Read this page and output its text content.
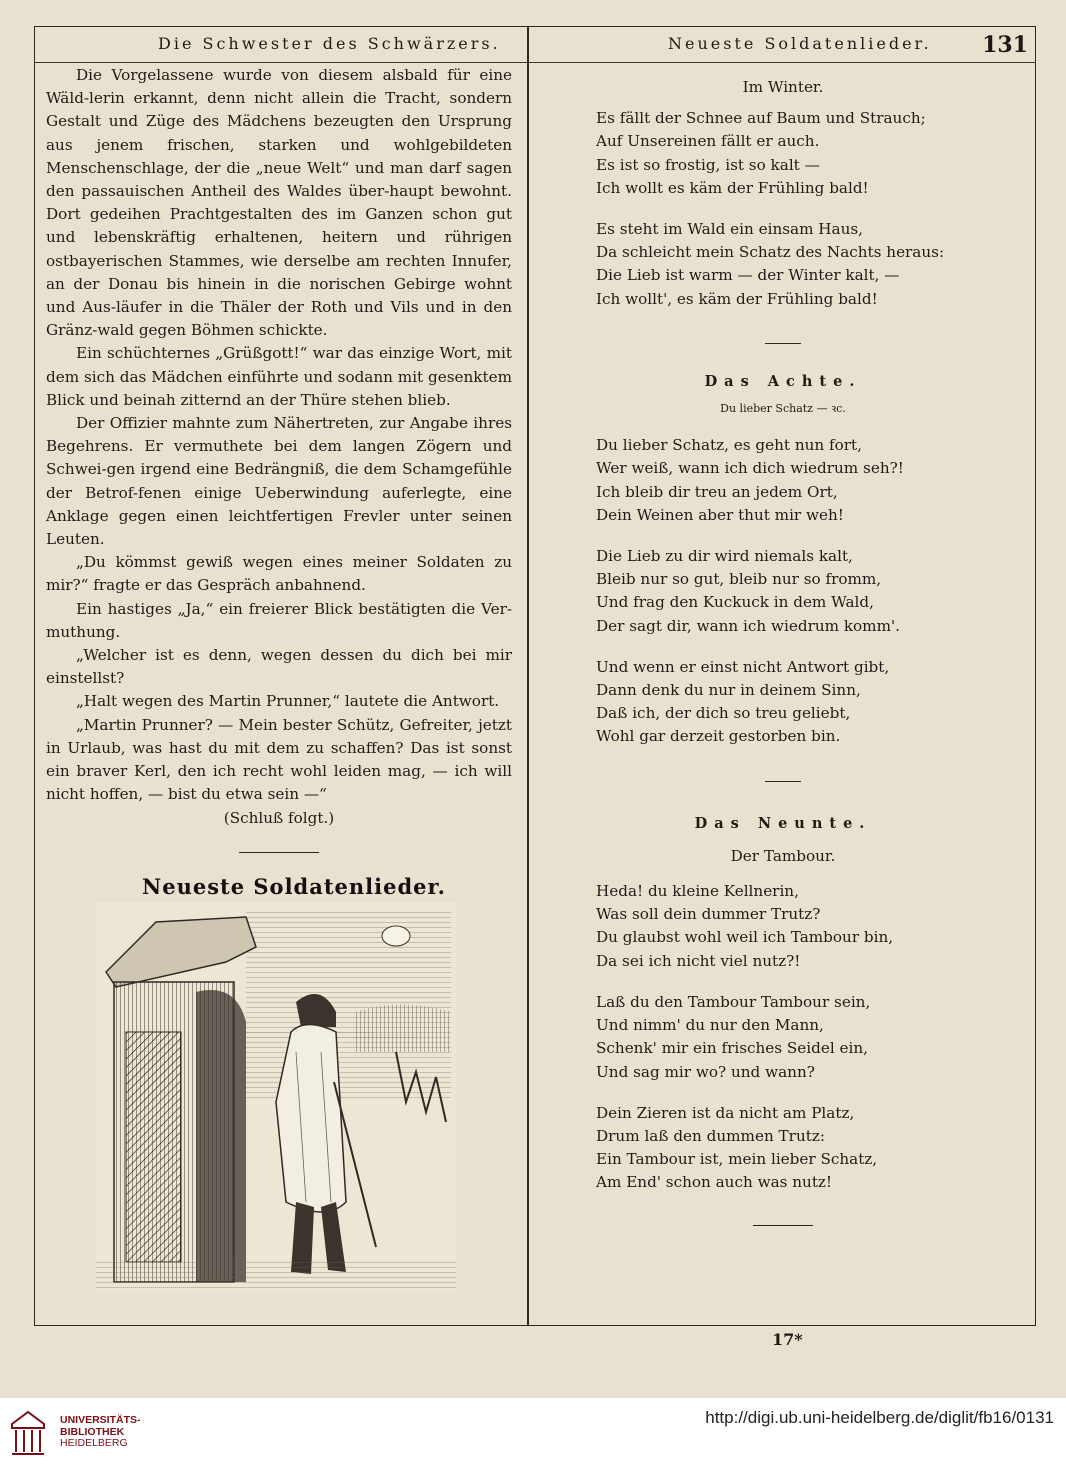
Die Schwester des Schwärzers.	Neueste Soldatenlieder. 131

Die Vorgelassene wurde von diesem alsbald für eine Wäld-lerin erkannt, denn nicht allein die Tracht, sondern Gestalt und Züge des Mädchens bezeugten den Ursprung aus jenem frischen, starken und wohlgebildeten Menschenschlage, der die „neue Welt“ und man darf sagen den passauischen Antheil des Waldes über-haupt bewohnt. Dort gedeihen Prachtgestalten des im Ganzen schon gut und lebenskräftig erhaltenen, heitern und rührigen ostbayerischen Stammes, wie derselbe am rechten Innufer, an der Donau bis hinein in die norischen Gebirge wohnt und Aus-läufer in die Thäler der Roth und Vils und in den Gränz-wald gegen Böhmen schickte.

Ein schüchternes „Grüßgott!“ war das einzige Wort, mit dem sich das Mädchen einführte und sodann mit gesenktem Blick und beinah zitternd an der Thüre stehen blieb.

Der Offizier mahnte zum Nähertreten, zur Angabe ihres Begehrens. Er vermuthete bei dem langen Zögern und Schwei-gen irgend eine Bedrängniß, die dem Schamgefühle der Betrof-fenen einige Ueberwindung auferlegte, eine Anklage gegen einen leichtfertigen Frevler unter seinen Leuten.

„Du kömmst gewiß wegen eines meiner Soldaten zu mir?“ fragte er das Gespräch anbahnend.

Ein hastiges „Ja,“ ein freierer Blick bestätigten die Ver-muthung.

„Welcher ist es denn, wegen dessen du dich bei mir einstellst?

„Halt wegen des Martin Prunner,“ lautete die Antwort.

„Martin Prunner? — Mein bester Schütz, Gefreiter, jetzt in Urlaub, was hast du mit dem zu schaffen? Das ist sonst ein braver Kerl, den ich recht wohl leiden mag, — ich will nicht hoffen, — bist du etwa sein —“

(Schluß folgt.)

Neueste Soldatenlieder.

Im Winter.

Es fällt der Schnee auf Baum und Strauch;
Auf Unsereinen fällt er auch.
Es ist so frostig, ist so kalt —
Ich wollt es käm der Frühling bald!
Es steht im Wald ein einsam Haus,
Da schleicht mein Schatz des Nachts heraus:
Die Lieb ist warm — der Winter kalt, —
Ich wollt', es käm der Frühling bald!

Das Achte.

Du lieber Schatz — ꝛc.

Du lieber Schatz, es geht nun fort,
Wer weiß, wann ich dich wiedrum seh?!
Ich bleib dir treu an jedem Ort,
Dein Weinen aber thut mir weh!
Die Lieb zu dir wird niemals kalt,
Bleib nur so gut, bleib nur so fromm,
Und frag den Kuckuck in dem Wald,
Der sagt dir, wann ich wiedrum komm'.
Und wenn er einst nicht Antwort gibt,
Dann denk du nur in deinem Sinn,
Daß ich, der dich so treu geliebt,
Wohl gar derzeit gestorben bin.

Das Neunte.

Der Tambour.

Heda! du kleine Kellnerin,
Was soll dein dummer Trutz?
Du glaubst wohl weil ich Tambour bin,
Da sei ich nicht viel nutz?!
Laß du den Tambour Tambour sein,
Und nimm' du nur den Mann,
Schenk' mir ein frisches Seidel ein,
Und sag mir wo? und wann?
Dein Zieren ist da nicht am Platz,
Drum laß den dummen Trutz:
Ein Tambour ist, mein lieber Schatz,
Am End' schon auch was nutz!
17*
UNIVERSITÄTS-
BIBLIOTHEK
HEIDELBERG
http://digi.ub.uni-heidelberg.de/diglit/fb16/0131
